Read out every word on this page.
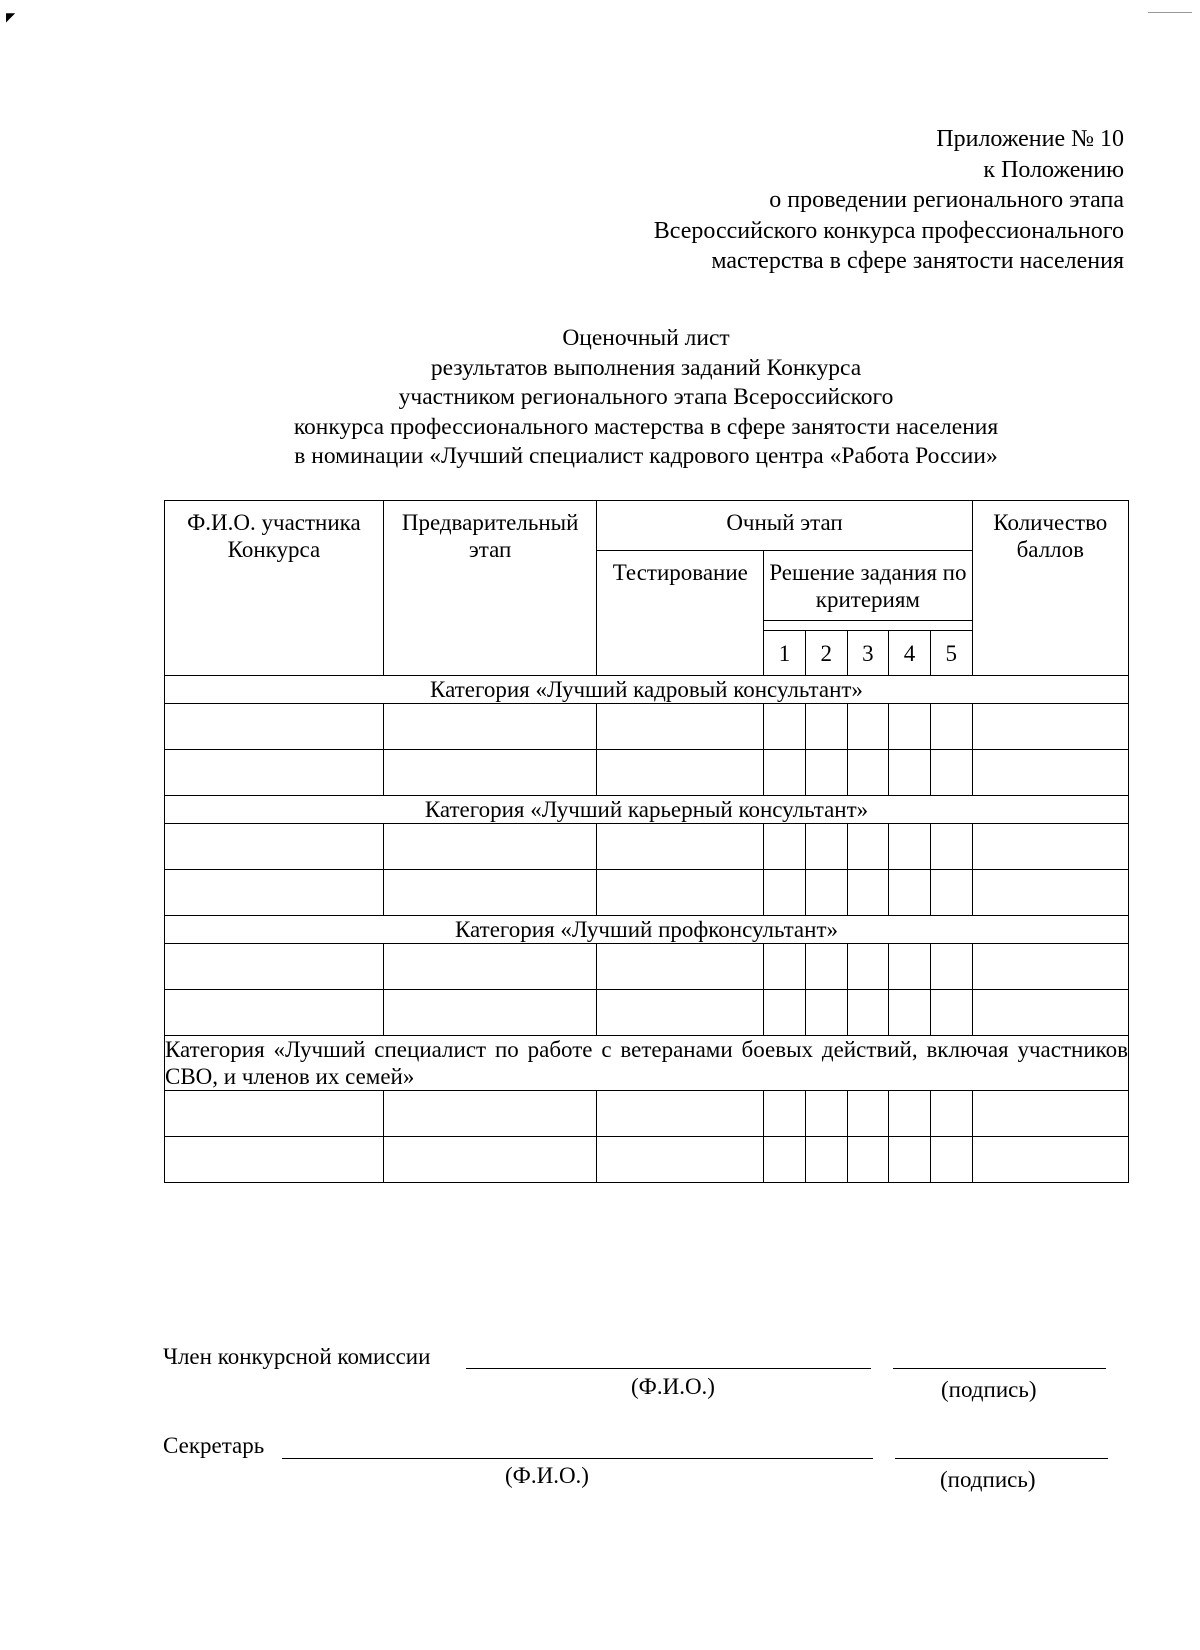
◤
Приложение № 10
к Положению
о проведении регионального этапа
Всероссийского конкурса профессионального
мастерства в сфере занятости населения
Оценочный лист
результатов выполнения заданий Конкурса
участником регионального этапа Всероссийского
конкурса профессионального мастерства в сфере занятости населения
в номинации «Лучший специалист кадрового центра «Работа России»
Ф.И.О. участника Конкурса	Предварительный этап	Очный этап						Количество баллов
		Тестирование	Решение задания по критериям					

			1	2	3	4	5	
Категория «Лучший кадровый консультант»								

Категория «Лучший карьерный консультант»								

Категория «Лучший профконсультант»								

Категория «Лучший специалист по работе с ветеранами боевых действий, включая участников СВО, и членов их семей»								

Член конкурсной комиссии
(Ф.И.О.)	(подпись)
Секретарь
(Ф.И.О.)	(подпись)
